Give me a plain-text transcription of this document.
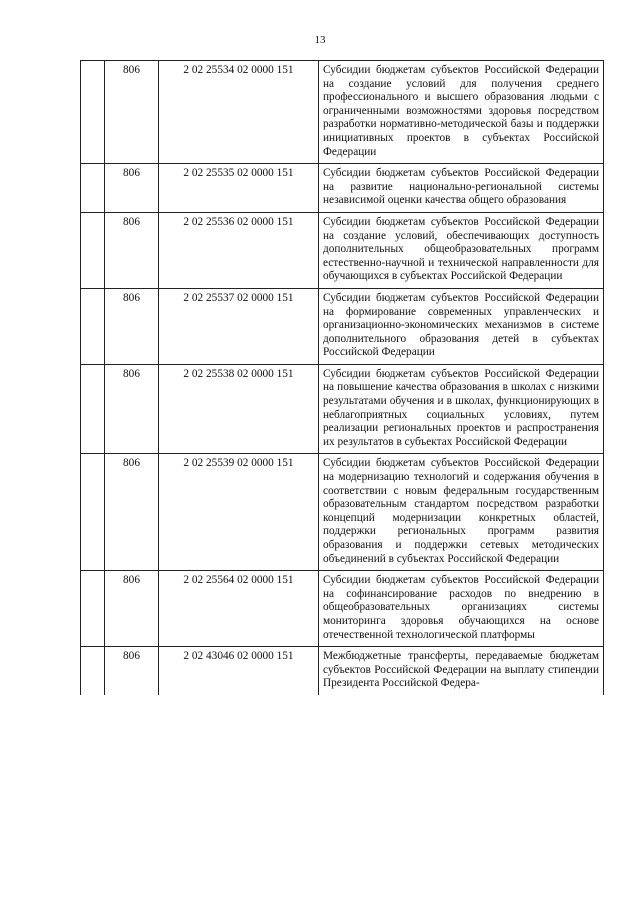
13
	806	2 02 25534 02 0000 151	Субсидии бюджетам субъектов Российской Федерации на создание условий для получения среднего профессионального и высшего образования людьми с ограниченными возможностями здоровья посредством разработки нормативно-методической базы и поддержки инициативных проектов в субъектах Российской Федерации
	806	2 02 25535 02 0000 151	Субсидии бюджетам субъектов Российской Федерации на развитие национально-региональной системы независимой оценки качества общего образования
	806	2 02 25536 02 0000 151	Субсидии бюджетам субъектов Российской Федерации на создание условий, обеспечивающих доступность дополнительных общеобразовательных программ естественно-научной и технической направленности для обучающихся в субъектах Российской Федерации
	806	2 02 25537 02 0000 151	Субсидии бюджетам субъектов Российской Федерации на формирование современных управленческих и организационно-экономических механизмов в системе дополнительного образования детей в субъектах Российской Федерации
	806	2 02 25538 02 0000 151	Субсидии бюджетам субъектов Российской Федерации на повышение качества образования в школах с низкими результатами обучения и в школах, функционирующих в неблагоприятных социальных условиях, путем реализации региональных проектов и распространения их результатов в субъектах Российской Федерации
	806	2 02 25539 02 0000 151	Субсидии бюджетам субъектов Российской Федерации на модернизацию технологий и содержания обучения в соответствии с новым федеральным государственным образовательным стандартом посредством разработки концепций модернизации конкретных областей, поддержки региональных программ развития образования и поддержки сетевых методических объединений в субъектах Российской Федерации
	806	2 02 25564 02 0000 151	Субсидии бюджетам субъектов Российской Федерации на софинансирование расходов по внедрению в общеобразовательных организациях системы мониторинга здоровья обучающихся на основе отечественной технологической платформы
	806	2 02 43046 02 0000 151	Межбюджетные трансферты, передаваемые бюджетам субъектов Российской Федерации на выплату стипендии Президента Российской Федера-
